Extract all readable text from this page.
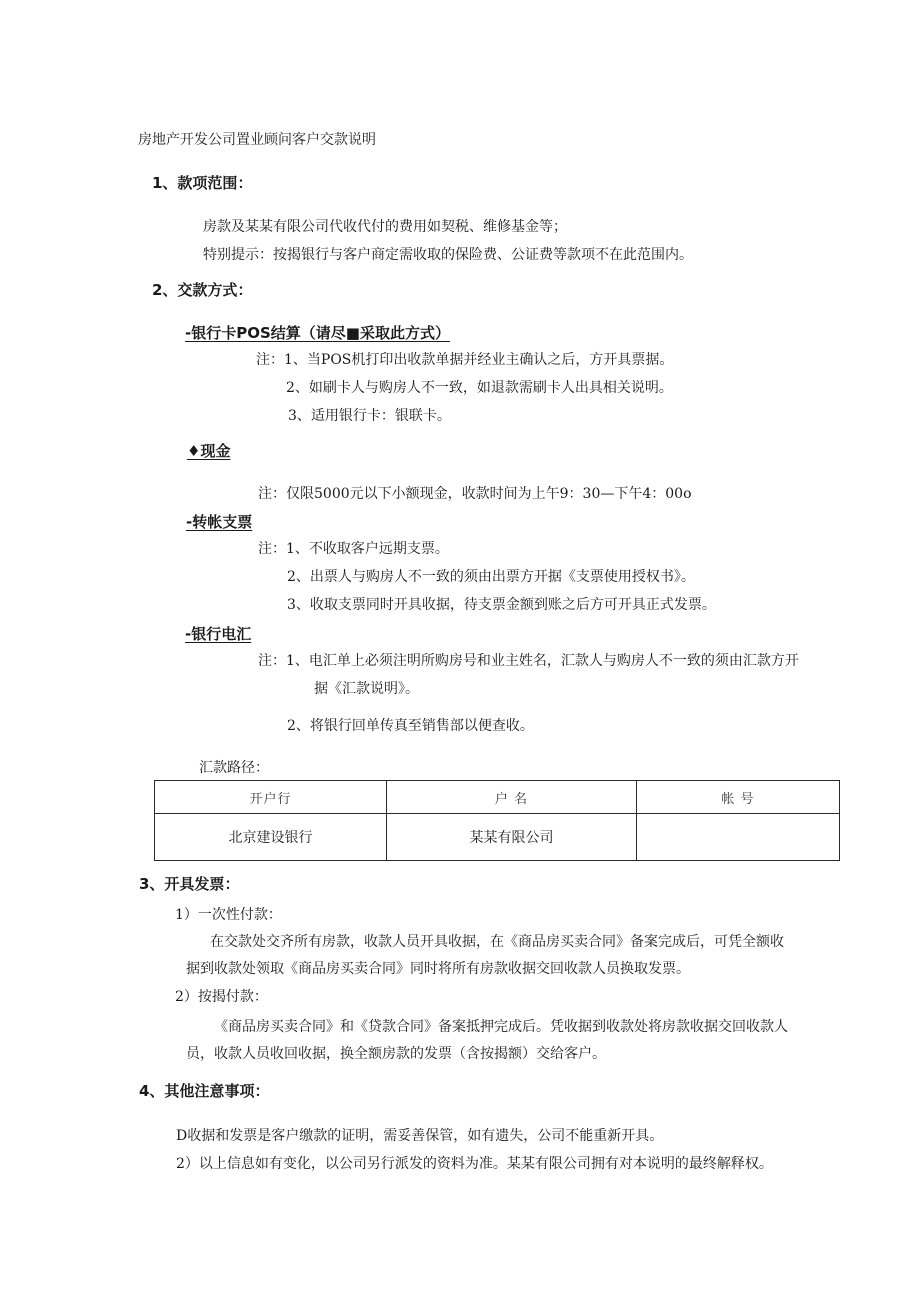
房地产开发公司置业顾问客户交款说明
1、款项范围：
房款及某某有限公司代收代付的费用如契税、维修基金等；
特别提示：按揭银行与客户商定需收取的保险费、公证费等款项不在此范围内。
2、交款方式：
-银行卡POS结算（请尽■采取此方式）
注：1、当POS机打印出收款单据并经业主确认之后，方开具票据。
2、如刷卡人与购房人不一致，如退款需刷卡人出具相关说明。
3、适用银行卡：银联卡。
♦现金
注：仅限5000元以下小额现金，收款时间为上午9：30—下午4：00o
-转帐支票
注：1、不收取客户远期支票。
2、出票人与购房人不一致的须由出票方开据《支票使用授权书》。
3、收取支票同时开具收据，待支票金额到账之后方可开具正式发票。
-银行电汇
注：1、电汇单上必须注明所购房号和业主姓名，汇款人与购房人不一致的须由汇款方开
据《汇款说明》。
2、将银行回单传真至销售部以便查收。
汇款路径：
开户行	户 名	帐 号
北京建设银行	某某有限公司	
3、开具发票：
1）一次性付款：
在交款处交齐所有房款，收款人员开具收据，在《商品房买卖合同》备案完成后，可凭全额收
据到收款处领取《商品房买卖合同》同时将所有房款收据交回收款人员换取发票。
2）按揭付款：
《商品房买卖合同》和《贷款合同》备案抵押完成后。凭收据到收款处将房款收据交回收款人
员，收款人员收回收据，换全额房款的发票（含按揭额）交给客户。
4、其他注意事项：
D收据和发票是客户缴款的证明，需妥善保管，如有遗失，公司不能重新开具。
2）以上信息如有变化，以公司另行派发的资料为准。某某有限公司拥有对本说明的最终解释权。
